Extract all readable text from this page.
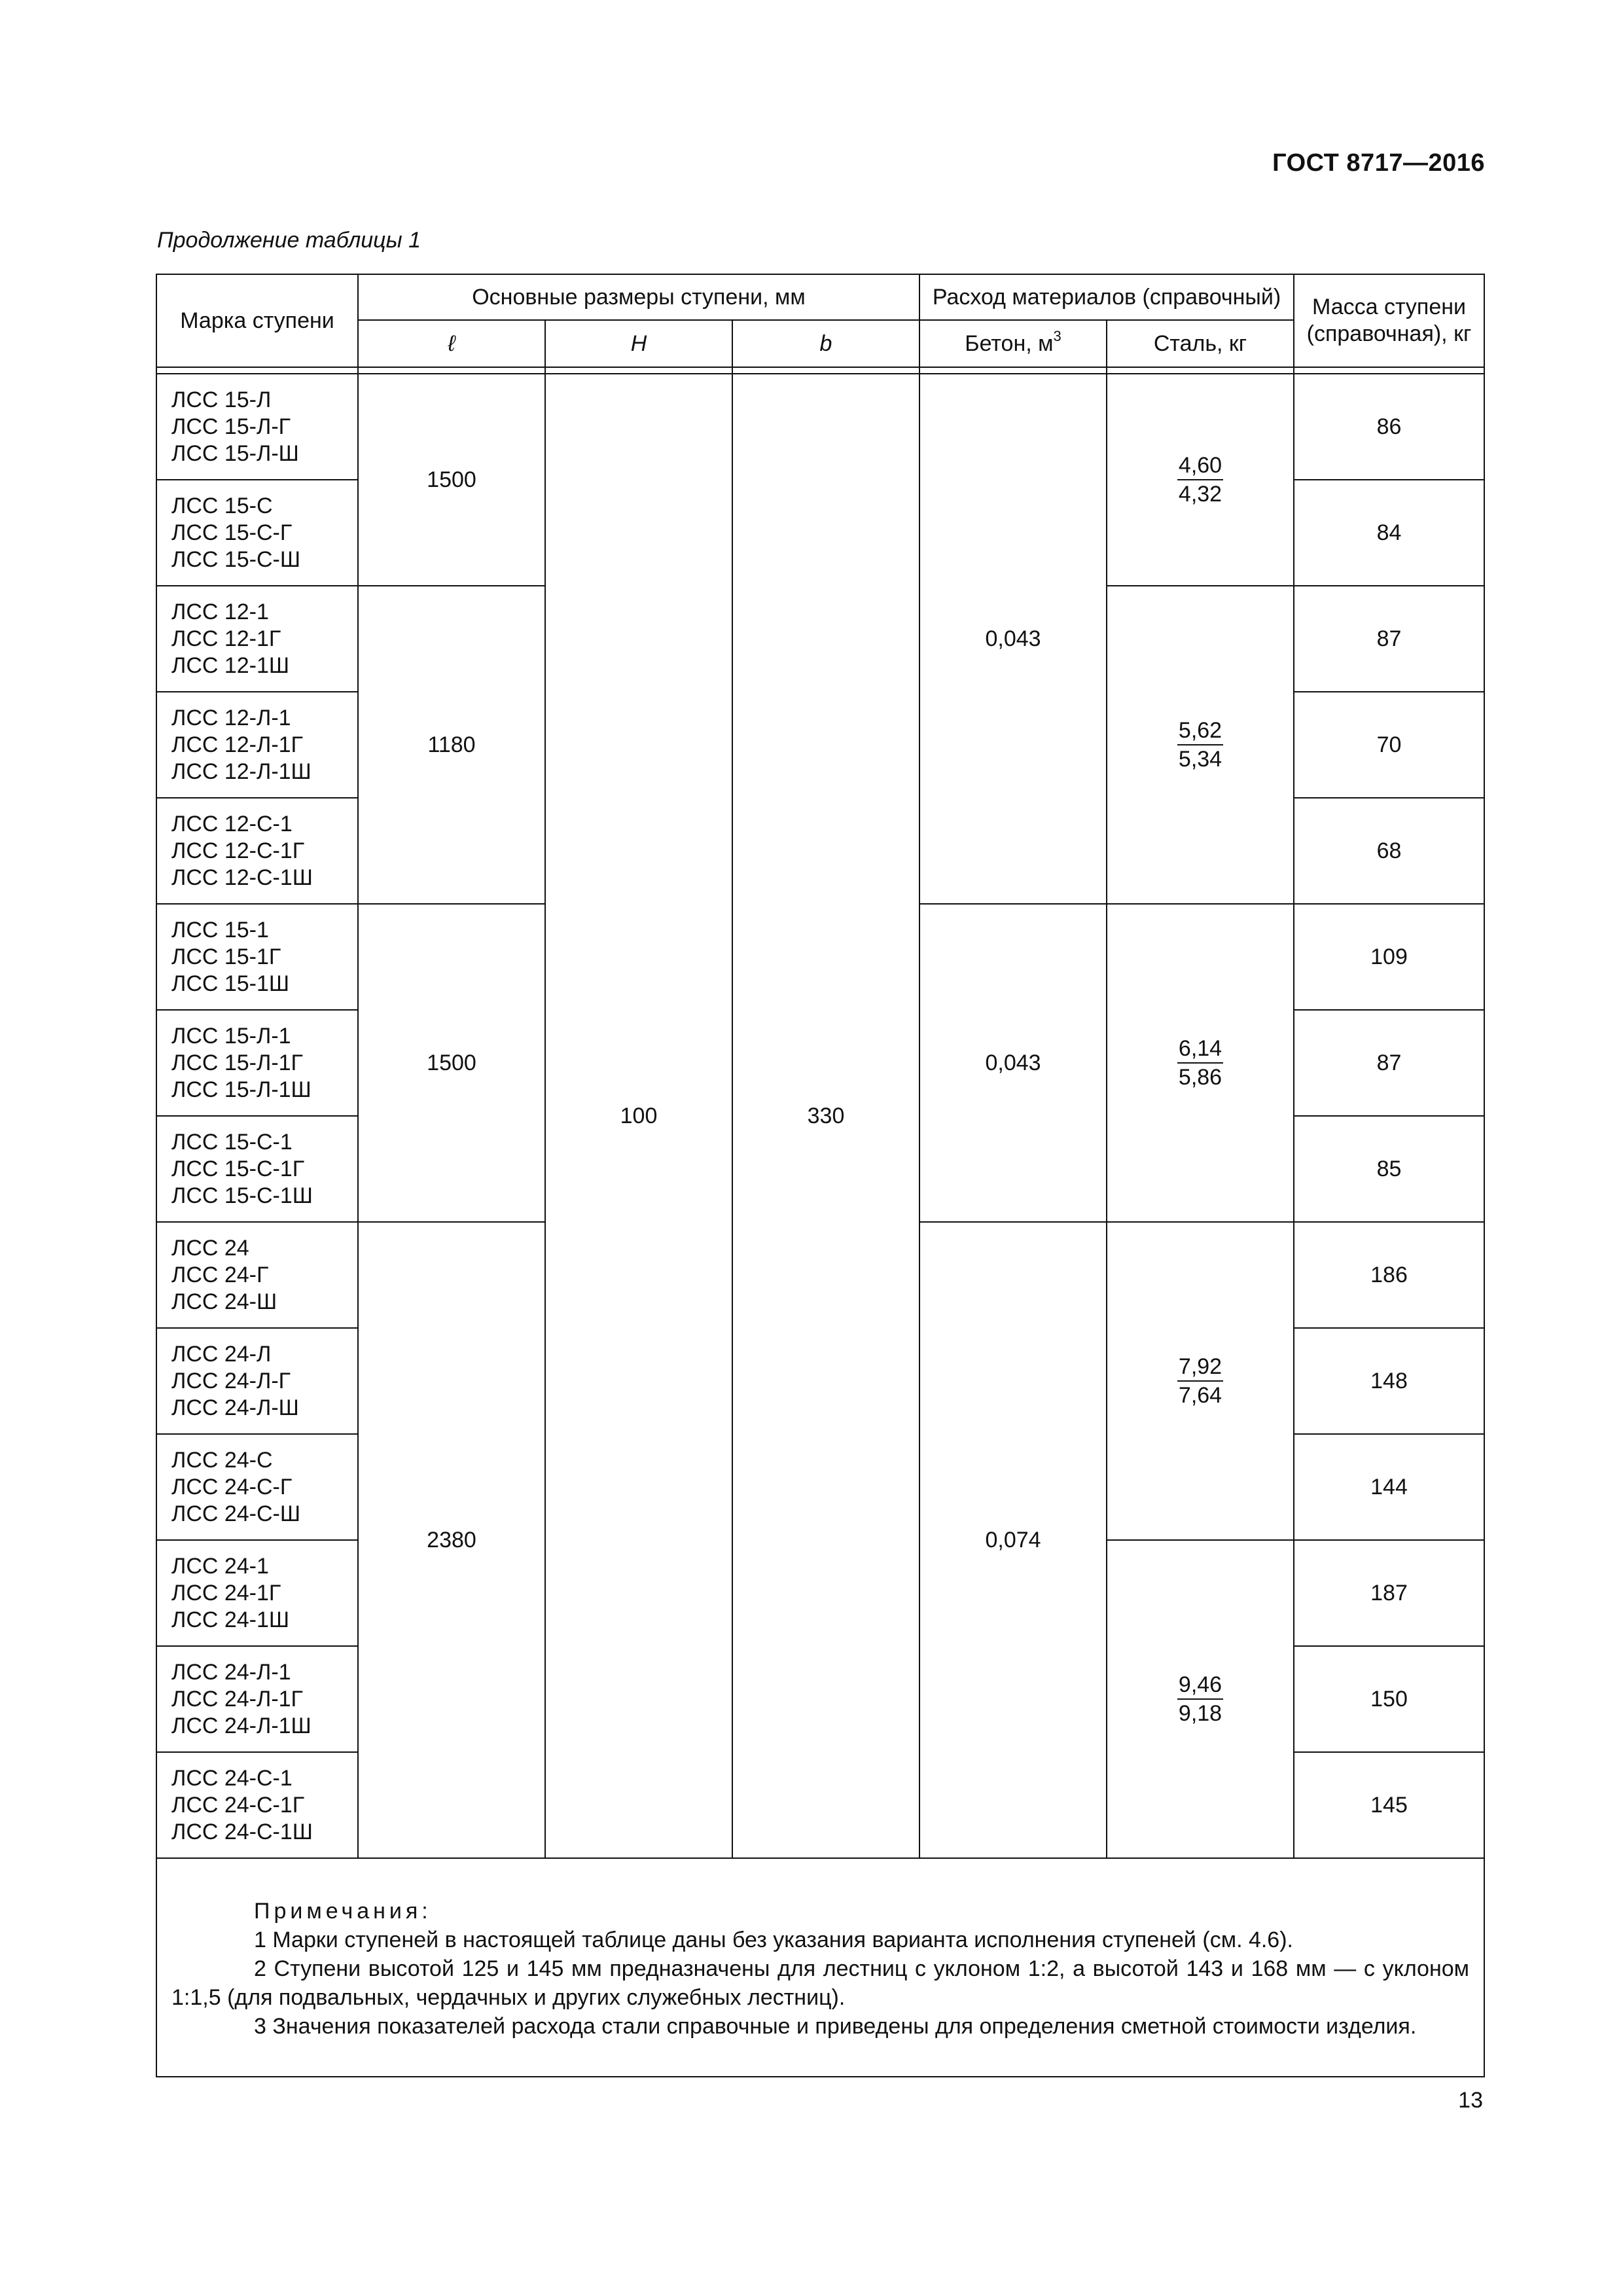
ГОСТ 8717—2016
Продолжение таблицы 1
Марка ступени	Основные размеры ступени, мм			Расход материалов (справочный)		Масса ступени (справочная), кг
	ℓ	H	b	Бетон, $м^3$	Сталь, кг	

ЛСС 15-Л
ЛСС 15-Л-Г
ЛСС 15-Л-Ш	1500	100	330	0,043	$\frac{4,60}{4,32}$	86
ЛСС 15-С
ЛСС 15-С-Г
ЛСС 15-С-Ш						84
ЛСС 12-1
ЛСС 12-1Г
ЛСС 12-1Ш	1180				$\frac{5,62}{5,34}$	87
ЛСС 12-Л-1
ЛСС 12-Л-1Г
ЛСС 12-Л-1Ш						70
ЛСС 12-С-1
ЛСС 12-С-1Г
ЛСС 12-С-1Ш						68
ЛСС 15-1
ЛСС 15-1Г
ЛСС 15-1Ш	1500			0,043	$\frac{6,14}{5,86}$	109
ЛСС 15-Л-1
ЛСС 15-Л-1Г
ЛСС 15-Л-1Ш						87
ЛСС 15-С-1
ЛСС 15-С-1Г
ЛСС 15-С-1Ш						85
ЛСС 24
ЛСС 24-Г
ЛСС 24-Ш	2380			0,074	$\frac{7,92}{7,64}$	186
ЛСС 24-Л
ЛСС 24-Л-Г
ЛСС 24-Л-Ш						148
ЛСС 24-С
ЛСС 24-С-Г
ЛСС 24-С-Ш						144
ЛСС 24-1
ЛСС 24-1Г
ЛСС 24-1Ш					$\frac{9,46}{9,18}$	187
ЛСС 24-Л-1
ЛСС 24-Л-1Г
ЛСС 24-Л-1Ш						150
ЛСС 24-С-1
ЛСС 24-С-1Г
ЛСС 24-С-1Ш						145

Примечания:
1 Марки ступеней в настоящей таблице даны без указания варианта исполнения ступеней (см. 4.6).
2 Ступени высотой 125 и 145 мм предназначены для лестниц с уклоном 1:2, а высотой 143 и 168 мм — с уклоном 1:1,5 (для подвальных, чердачных и других служебных лестниц).
3 Значения показателей расхода стали справочные и приведены для определения сметной стоимости изделия.						
13
